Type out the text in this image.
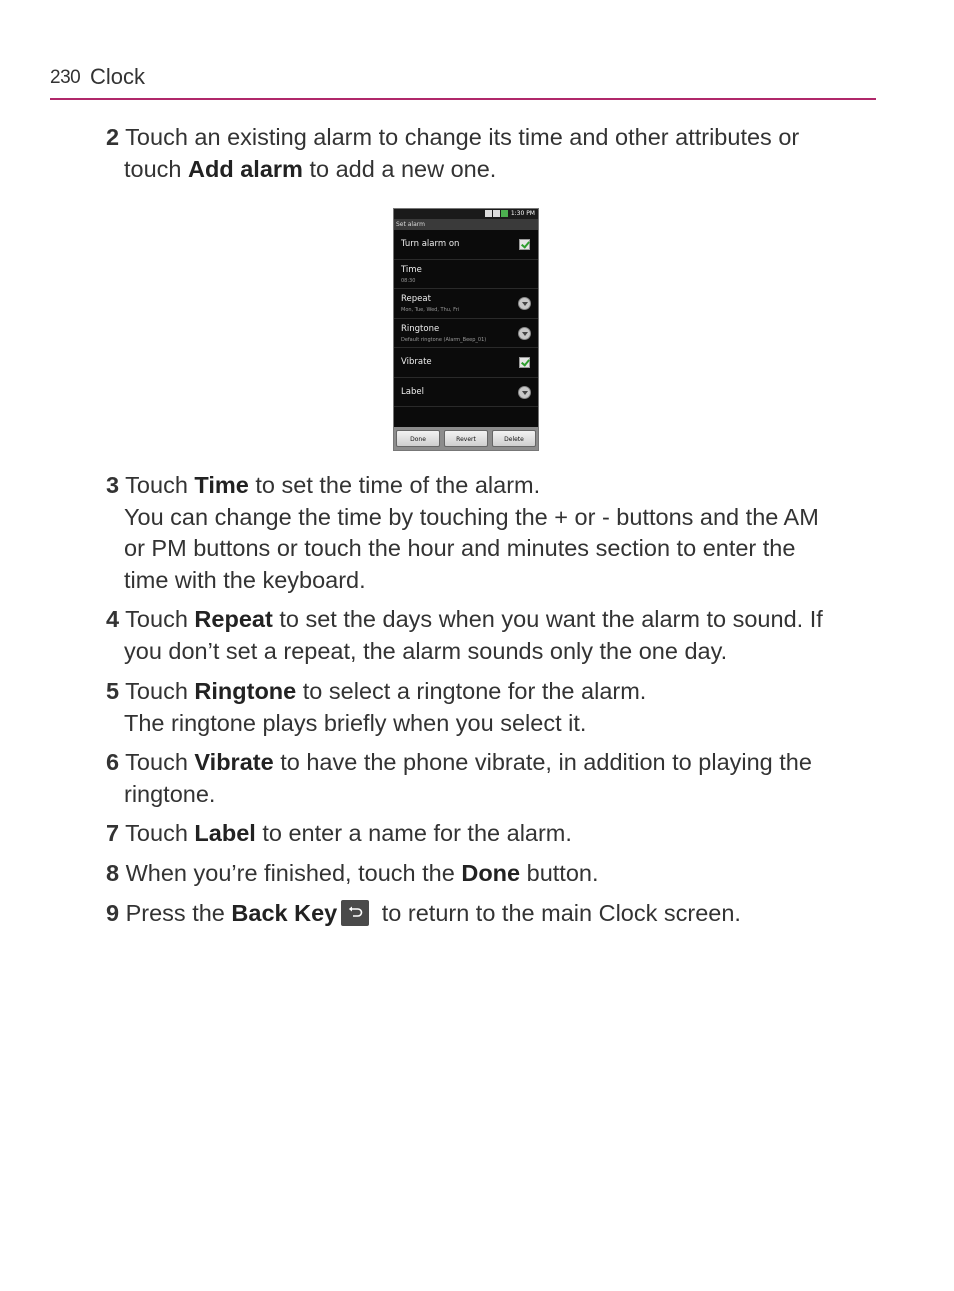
230 Clock
2 Touch an existing alarm to change its time and other attributes or
touch Add alarm to add a new one.
1:30 PM
Set alarm
Turn alarm on
Time
08:30
Repeat
Mon, Tue, Wed, Thu, Fri
Ringtone
Default ringtone (Alarm_Beep_01)
Vibrate
Label
Done	Revert	Delete
3 Touch Time to set the time of the alarm.
You can change the time by touching the + or - buttons and the AM
or PM buttons or touch the hour and minutes section to enter the
time with the keyboard.
4 Touch Repeat to set the days when you want the alarm to sound. If
you don’t set a repeat, the alarm sounds only the one day.
5 Touch Ringtone to select a ringtone for the alarm.
The ringtone plays briefly when you select it.
6 Touch Vibrate to have the phone vibrate, in addition to playing the
ringtone.
7 Touch Label to enter a name for the alarm.
8 When you’re finished, touch the Done button.
9 Press the Back Key
to return to the main Clock screen.
